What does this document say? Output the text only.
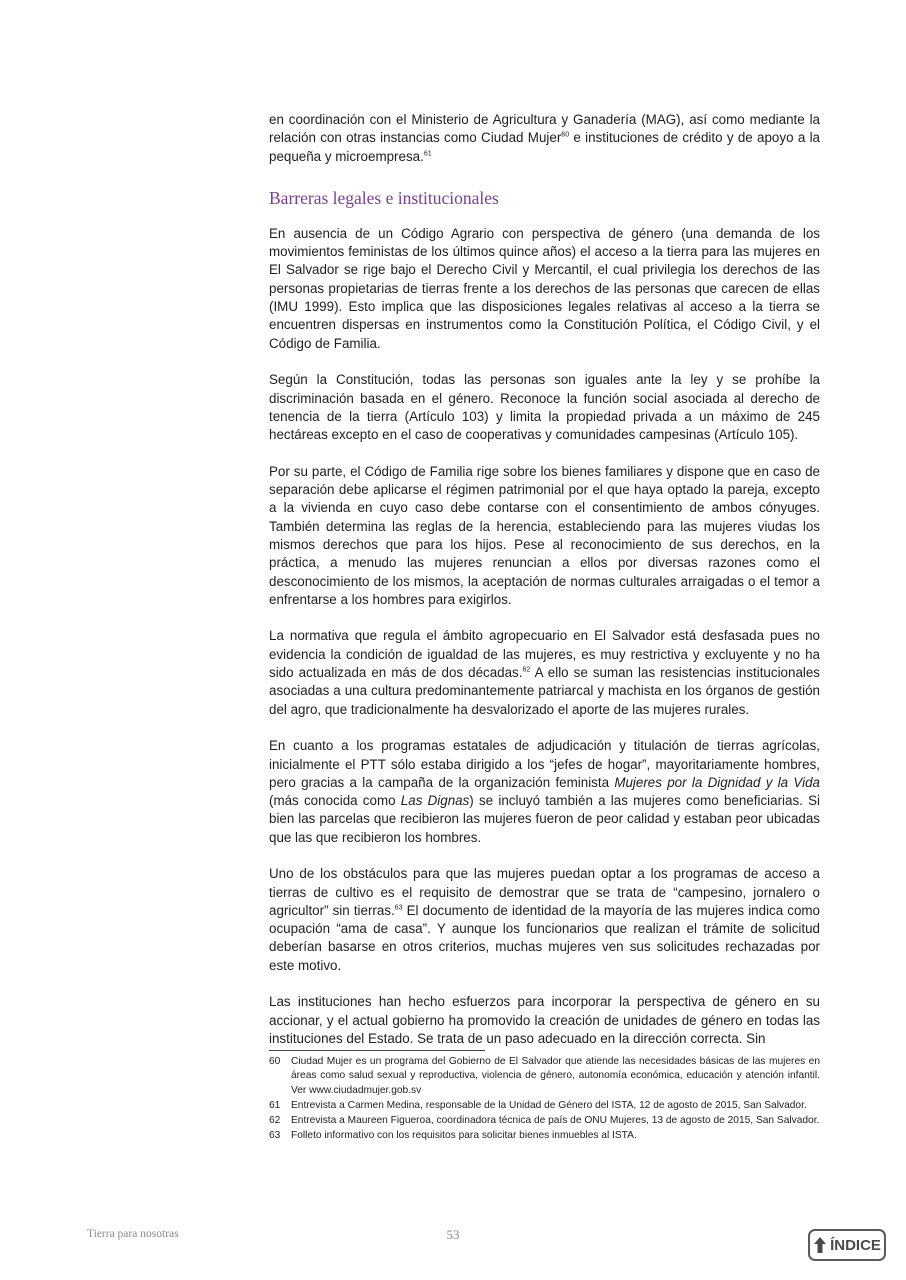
en coordinación con el Ministerio de Agricultura y Ganadería (MAG), así como mediante la relación con otras instancias como Ciudad Mujer$^{60}$ e instituciones de crédito y de apoyo a la pequeña y microempresa.$^{61}$

Barreras legales e institucionales

En ausencia de un Código Agrario con perspectiva de género (una demanda de los movimientos feministas de los últimos quince años) el acceso a la tierra para las mujeres en El Salvador se rige bajo el Derecho Civil y Mercantil, el cual privilegia los derechos de las personas propietarias de tierras frente a los derechos de las personas que carecen de ellas (IMU 1999). Esto implica que las disposiciones legales relativas al acceso a la tierra se encuentren dispersas en instrumentos como la Constitución Política, el Código Civil, y el Código de Familia.

Según la Constitución, todas las personas son iguales ante la ley y se prohíbe la discriminación basada en el género. Reconoce la función social asociada al derecho de tenencia de la tierra (Artículo 103) y limita la propiedad privada a un máximo de 245 hectáreas excepto en el caso de cooperativas y comunidades campesinas (Artículo 105).

Por su parte, el Código de Familia rige sobre los bienes familiares y dispone que en caso de separación debe aplicarse el régimen patrimonial por el que haya optado la pareja, excepto a la vivienda en cuyo caso debe contarse con el consentimiento de ambos cónyuges. También determina las reglas de la herencia, estableciendo para las mujeres viudas los mismos derechos que para los hijos. Pese al reconocimiento de sus derechos, en la práctica, a menudo las mujeres renuncian a ellos por diversas razones como el desconocimiento de los mismos, la aceptación de normas culturales arraigadas o el temor a enfrentarse a los hombres para exigirlos.

La normativa que regula el ámbito agropecuario en El Salvador está desfasada pues no evidencia la condición de igualdad de las mujeres, es muy restrictiva y excluyente y no ha sido actualizada en más de dos décadas.$^{62}$ A ello se suman las resistencias institucionales asociadas a una cultura predominantemente patriarcal y machista en los órganos de gestión del agro, que tradicionalmente ha desvalorizado el aporte de las mujeres rurales.

En cuanto a los programas estatales de adjudicación y titulación de tierras agrícolas, inicialmente el PTT sólo estaba dirigido a los “jefes de hogar”, mayoritariamente hombres, pero gracias a la campaña de la organización feminista Mujeres por la Dignidad y la Vida (más conocida como Las Dignas) se incluyó también a las mujeres como beneficiarias. Si bien las parcelas que recibieron las mujeres fueron de peor calidad y estaban peor ubicadas que las que recibieron los hombres.

Uno de los obstáculos para que las mujeres puedan optar a los programas de acceso a tierras de cultivo es el requisito de demostrar que se trata de “campesino, jornalero o agricultor” sin tierras.$^{63}$ El documento de identidad de la mayoría de las mujeres indica como ocupación “ama de casa”. Y aunque los funcionarios que realizan el trámite de solicitud deberían basarse en otros criterios, muchas mujeres ven sus solicitudes rechazadas por este motivo.

Las instituciones han hecho esfuerzos para incorporar la perspectiva de género en su accionar, y el actual gobierno ha promovido la creación de unidades de género en todas las instituciones del Estado. Se trata de un paso adecuado en la dirección correcta. Sin

60 Ciudad Mujer es un programa del Gobierno de El Salvador que atiende las necesidades básicas de las mujeres en áreas como salud sexual y reproductiva, violencia de género, autonomía económica, educación y atención infantil. Ver www.ciudadmujer.gob.sv
61 Entrevista a Carmen Medina, responsable de la Unidad de Género del ISTA, 12 de agosto de 2015, San Salvador.
62 Entrevista a Maureen Figueroa, coordinadora técnica de país de ONU Mujeres, 13 de agosto de 2015, San Salvador.
63 Folleto informativo con los requisitos para solicitar bienes inmuebles al ISTA.
Tierra para nosotras	53
ÍNDICE
